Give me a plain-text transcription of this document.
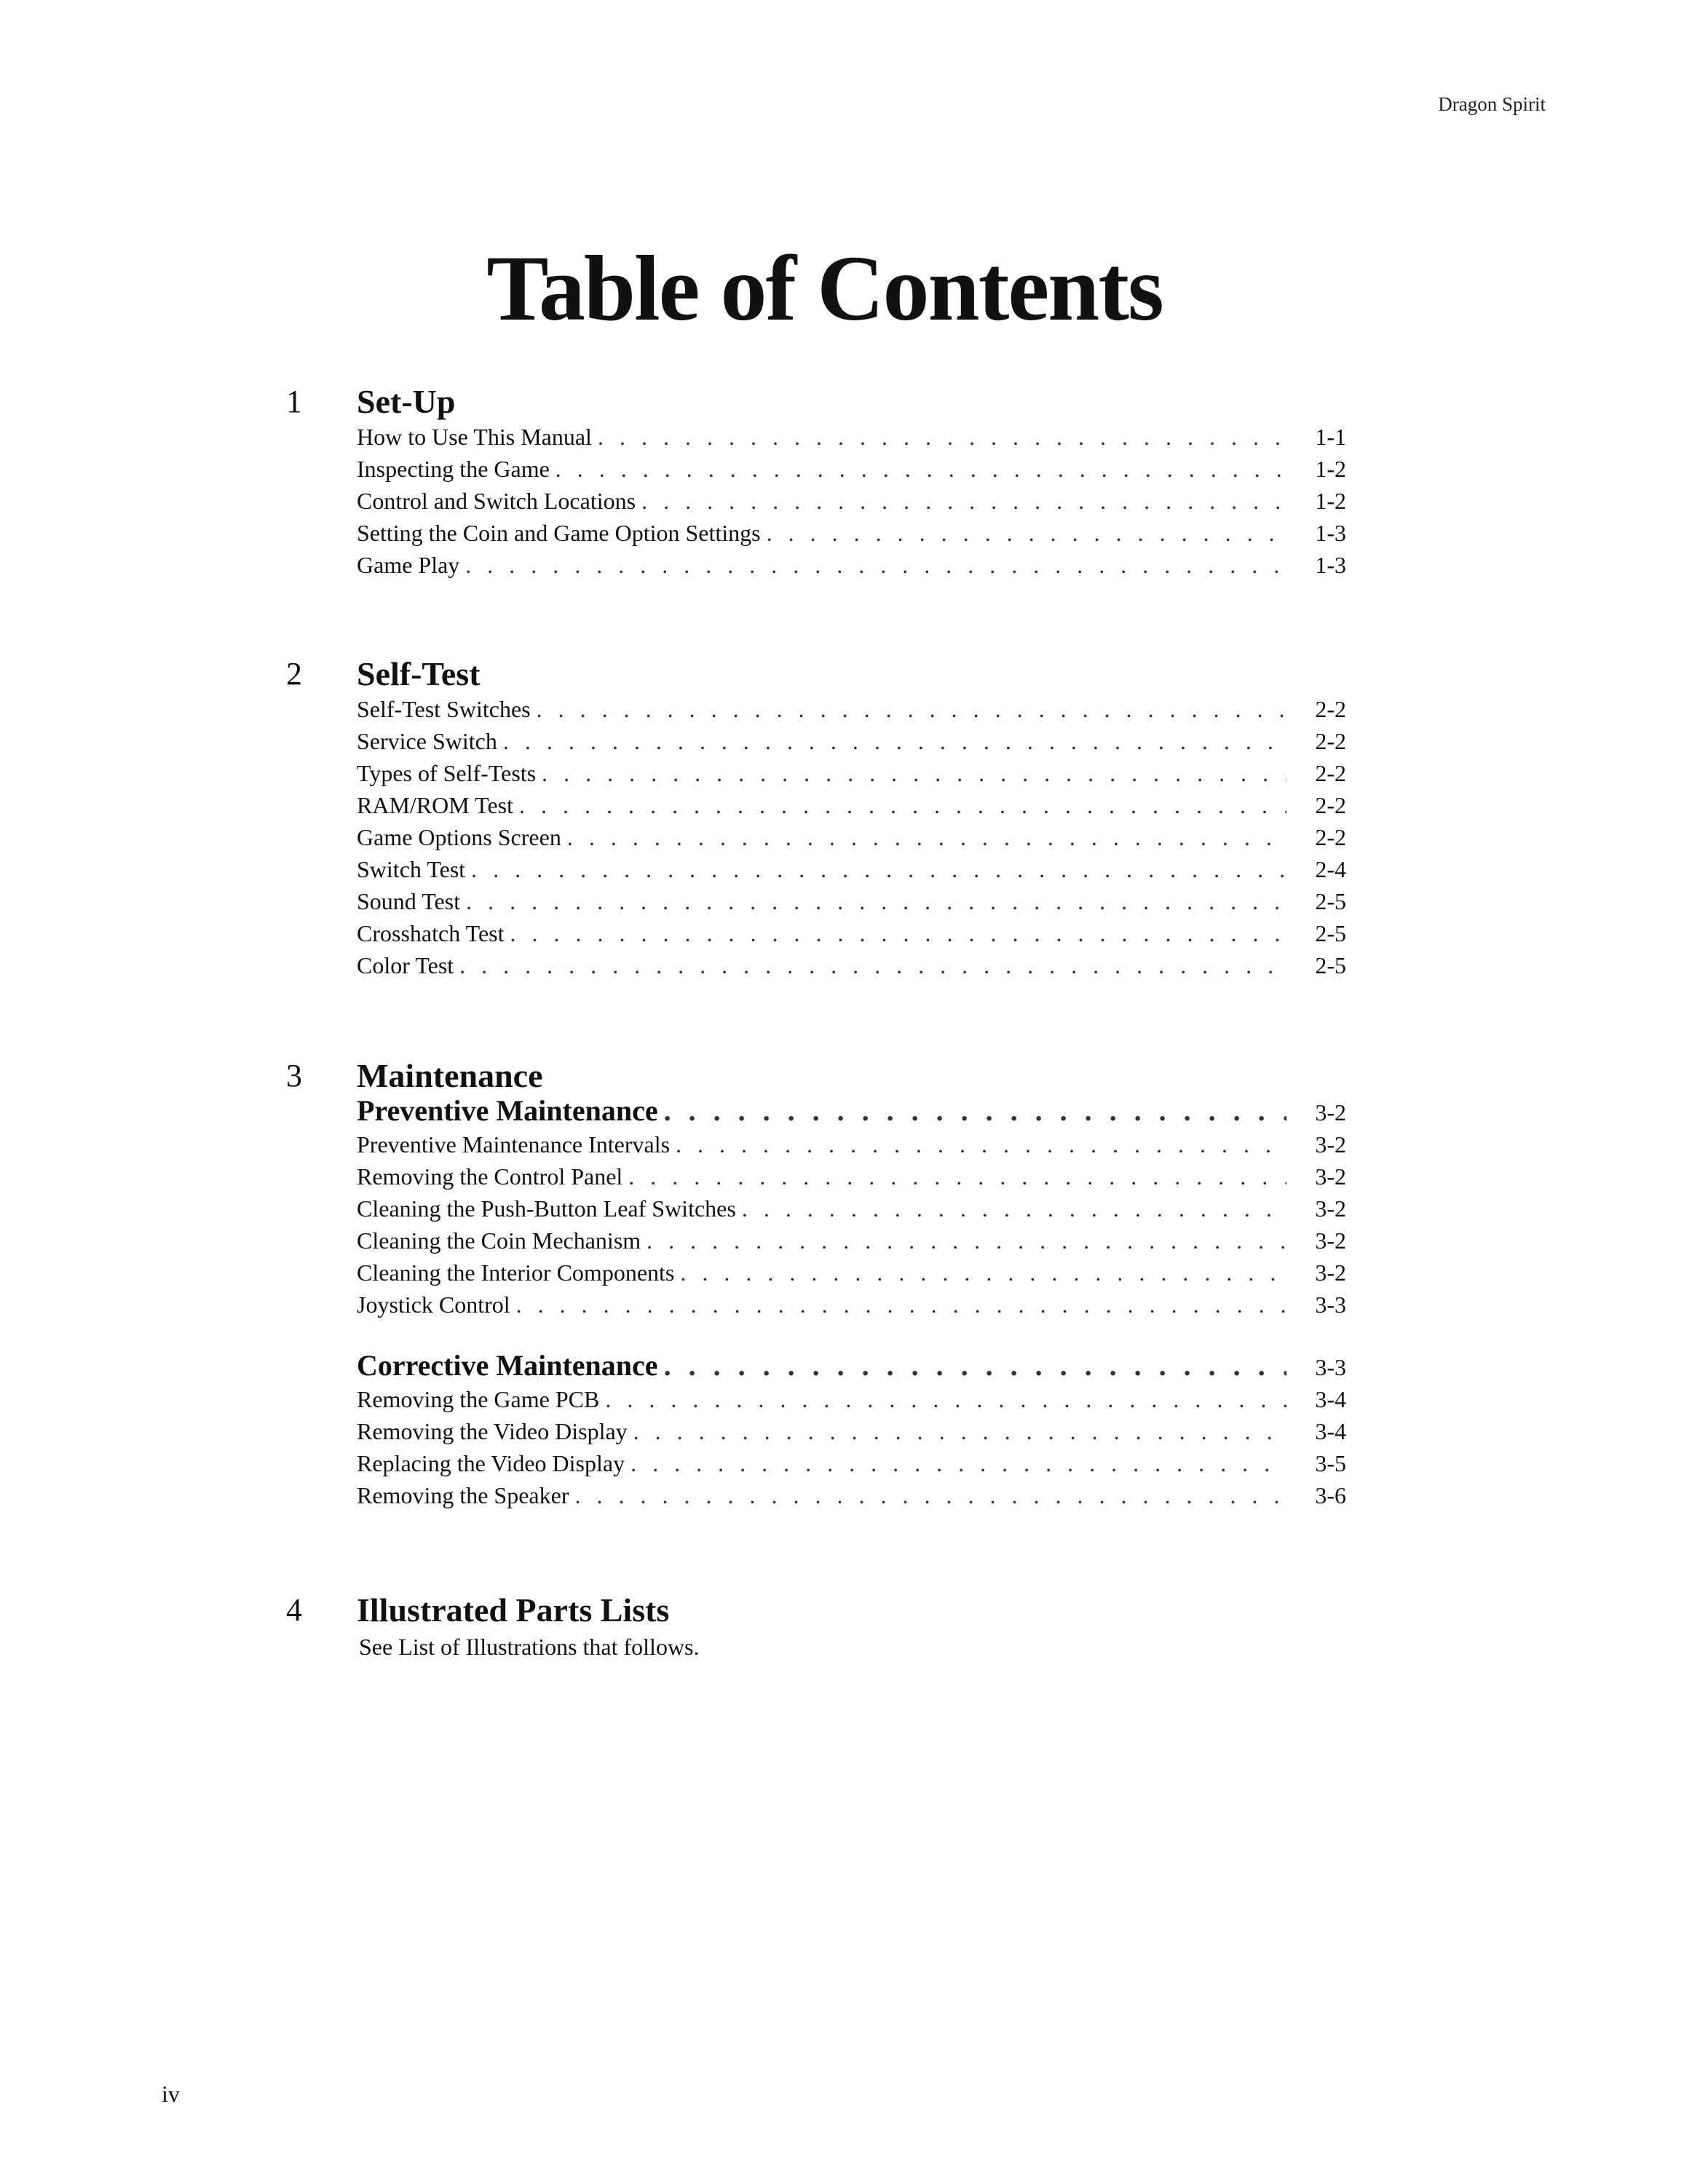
Dragon Spirit
Table of Contents
1 Set-Up
How to Use This Manual . . .	1-1
Inspecting the Game . . .	1-2
Control and Switch Locations . . .	1-2
Setting the Coin and Game Option Settings . . .	1-3
Game Play . . .	1-3
2 Self-Test
Self-Test Switches . . .	2-2
Service Switch . . .	2-2
Types of Self-Tests . . .	2-2
RAM/ROM Test . . .	2-2
Game Options Screen . . .	2-2
Switch Test . . .	2-4
Sound Test . . .	2-5
Crosshatch Test . . .	2-5
Color Test . . .	2-5
3 Maintenance
Preventive Maintenance . . .	3-2
Preventive Maintenance Intervals . . .	3-2
Removing the Control Panel . . .	3-2
Cleaning the Push-Button Leaf Switches . . .	3-2
Cleaning the Coin Mechanism . . .	3-2
Cleaning the Interior Components . . .	3-2
Joystick Control . . .	3-3
Corrective Maintenance . . .	3-3
Removing the Game PCB . . .	3-4
Removing the Video Display . . .	3-4
Replacing the Video Display . . .	3-5
Removing the Speaker . . .	3-6
4 Illustrated Parts Lists
See List of Illustrations that follows.
iv
